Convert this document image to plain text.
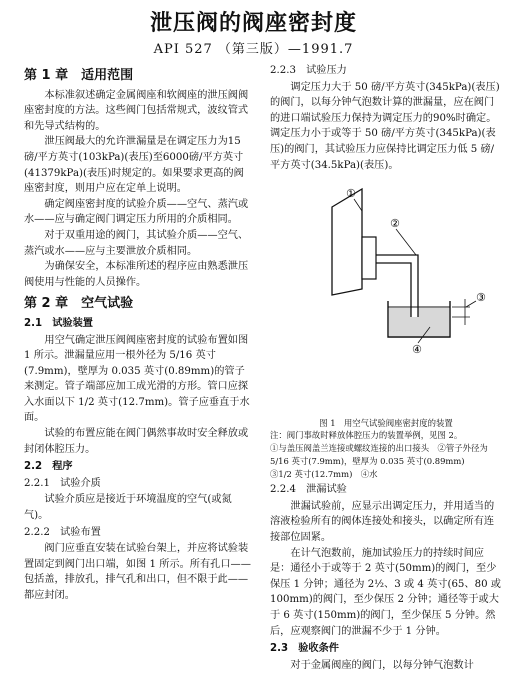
泄压阀的阀座密封度
API 527 （第三版）—1991.7
第 1 章　适用范围

本标准叙述确定金属阀座和软阀座的泄压阀阀座密封度的方法。这些阀门包括常规式，波纹管式和先导式结构的。

泄压阀最大的允许泄漏量是在调定压力为15磅/平方英寸(103kPa)(表压)至6000磅/平方英寸(41379kPa)(表压)时规定的。如果要求更高的阀座密封度，则用户应在定单上说明。

确定阀座密封度的试验介质——空气、蒸汽或水——应与确定阀门调定压力所用的介质相同。

对于双重用途的阀门，其试验介质——空气、蒸汽或水——应与主要泄放介质相同。

为确保安全，本标准所述的程序应由熟悉泄压阀使用与性能的人员操作。

第 2 章　空气试验
2.1　试验装置

用空气确定泄压阀阀座密封度的试验布置如图 1 所示。泄漏量应用一根外径为 5/16 英寸(7.9mm)，壁厚为 0.035 英寸(0.89mm)的管子来测定。管子端部应加工成光滑的方形。管口应探入水面以下 1/2 英寸(12.7mm)。管子应垂直于水面。

试验的布置应能在阀门偶然事故时安全释放或封闭体腔压力。

2.2　程序
2.2.1　试验介质

试验介质应是接近于环境温度的空气(或氮气)。

2.2.2　试验布置

阀门应垂直安装在试验台架上，并应将试验装置固定到阀门出口端，如图 1 所示。所有孔口——包括盖，排放孔，排气孔和出口，但不限于此——都应封闭。

2.2.3　试验压力

调定压力大于 50 磅/平方英寸(345kPa)(表压)的阀门，以每分钟气泡数计算的泄漏量，应在阀门的进口端试验压力保持为调定压力的90%时确定。调定压力小于或等于 50 磅/平方英寸(345kPa)(表压)的阀门，其试验压力应保持比调定压力低 5 磅/平方英寸(34.5kPa)(表压)。

①
②
③
④
图 1　用空气试验阀座密封度的装置
注：阀门事故时释放体腔压力的装置举例，见图 2。
①与盖压阀盖兰连接或螺纹连接的出口接头　②管子外径为 5/16 英寸(7.9mm)，壁厚为 0.035 英寸(0.89mm)
③1/2 英寸(12.7mm)　④水
2.2.4　泄漏试验

泄漏试验前，应显示出调定压力，并用适当的溶液检验所有的阀体连接处和接头，以确定所有连接部位固紧。

在计气泡数前，施加试验压力的持续时间应是：通径小于或等于 2 英寸(50mm)的阀门，至少保压 1 分钟；通径为 2½、3 或 4 英寸(65、80 或 100mm)的阀门，至少保压 2 分钟；通径等于或大于 6 英寸(150mm)的阀门，至少保压 5 分钟。然后，应观察阀门的泄漏不少于 1 分钟。

2.3　验收条件

对于金属阀座的阀门，以每分钟气泡数计
